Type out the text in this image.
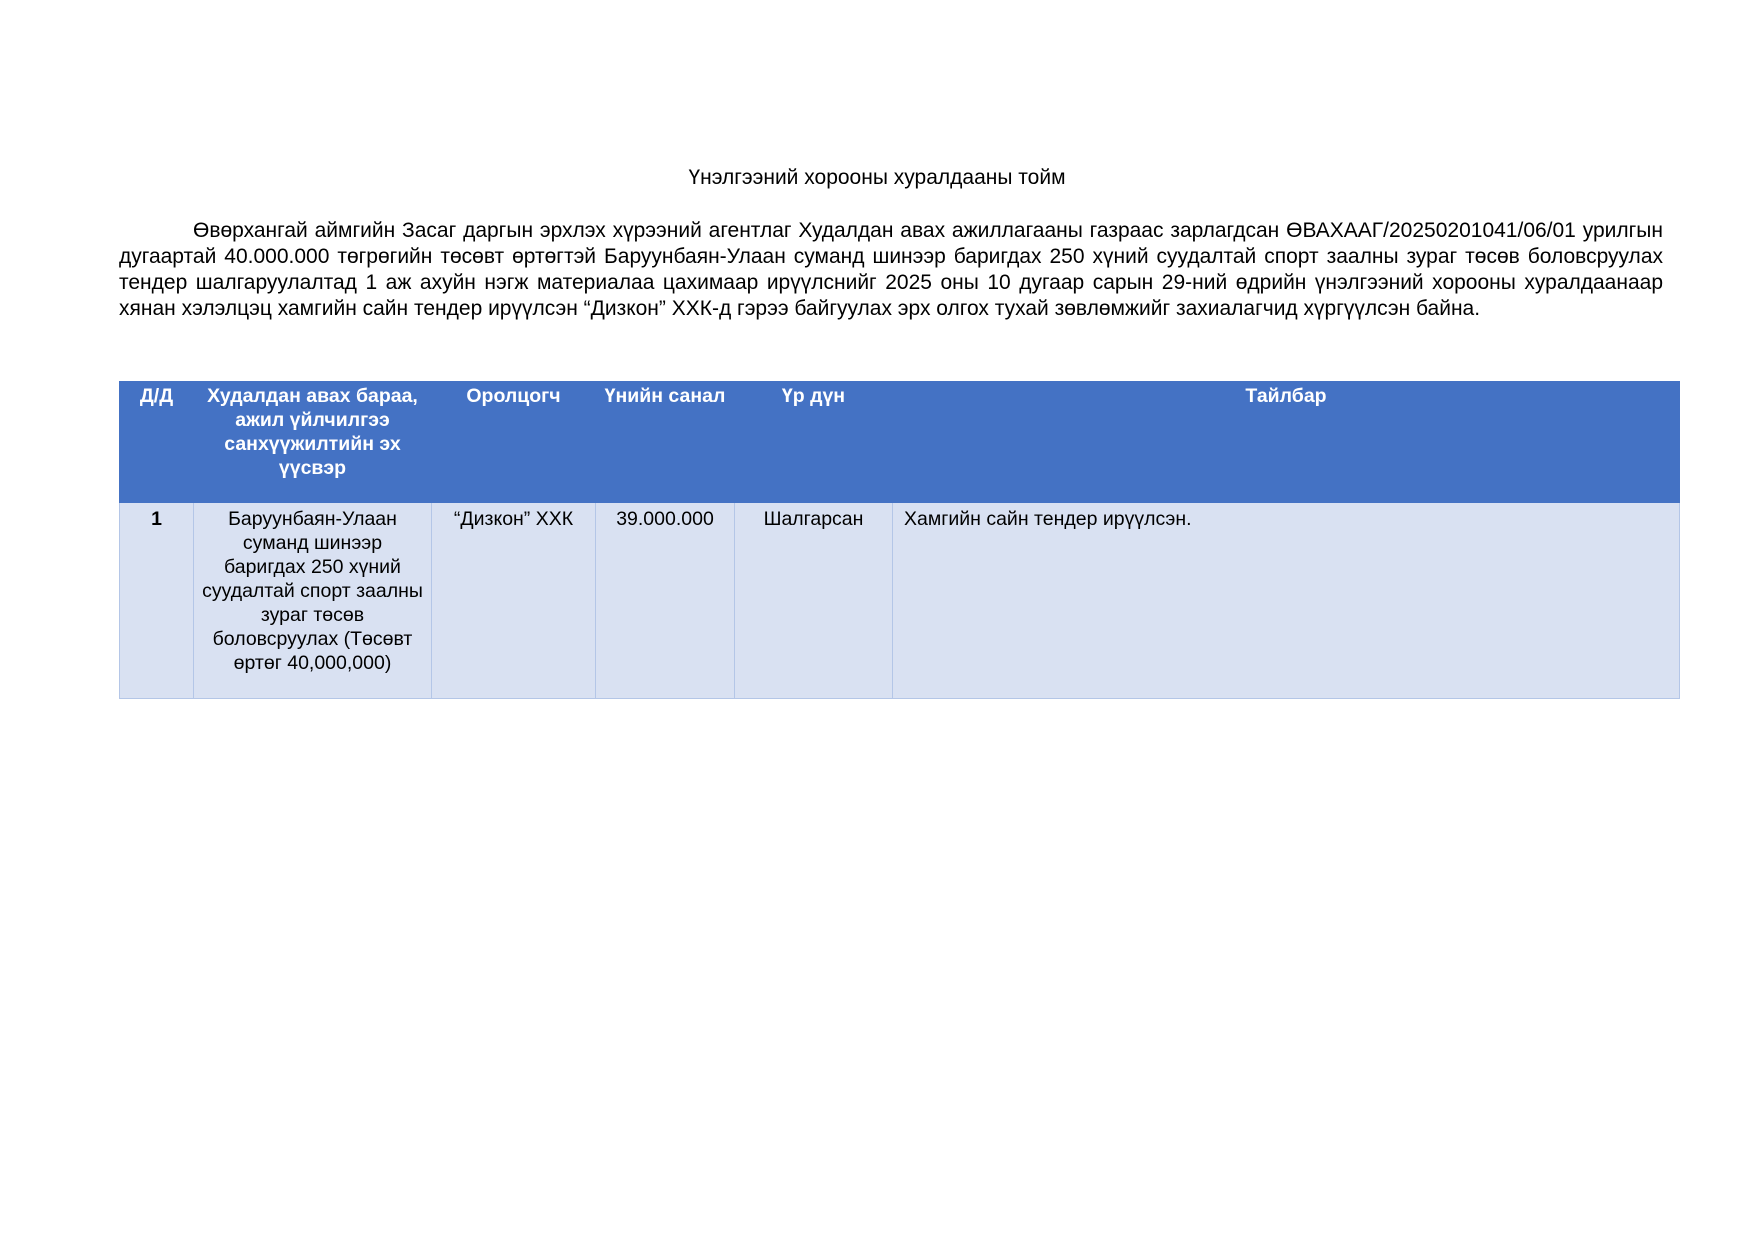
Үнэлгээний хорооны хуралдааны тойм

Өвөрхангай аймгийн Засаг даргын эрхлэх хүрээний агентлаг Худалдан авах ажиллагааны газраас зарлагдсан ӨВАХААГ/20250201041/06/01 урилгын дугаартай 40.000.000 төгрөгийн төсөвт өртөгтэй Баруунбаян-Улаан суманд шинээр баригдах 250 хүний суудалтай спорт заалны зураг төсөв боловсруулах тендер шалгаруулалтад 1 аж ахуйн нэгж материалаа цахимаар ирүүлснийг 2025 оны 10 дугаар сарын 29-ний өдрийн үнэлгээний хорооны хуралдаанаар хянан хэлэлцэц хамгийн сайн тендер ирүүлсэн “Дизкон” ХХК-д гэрээ байгуулах эрх олгох тухай зөвлөмжийг захиалагчид хүргүүлсэн байна.

Д/Д	Худалдан авах бараа, ажил үйлчилгээ санхүүжилтийн эх үүсвэр	Оролцогч	Үнийн санал	Үр дүн	Тайлбар
1	Баруунбаян-Улаан суманд шинээр баригдах 250 хүний суудалтай спорт заалны зураг төсөв боловсруулах (Төсөвт өртөг 40,000,000)	“Дизкон” ХХК	39.000.000	Шалгарсан	Хамгийн сайн тендер ирүүлсэн.
